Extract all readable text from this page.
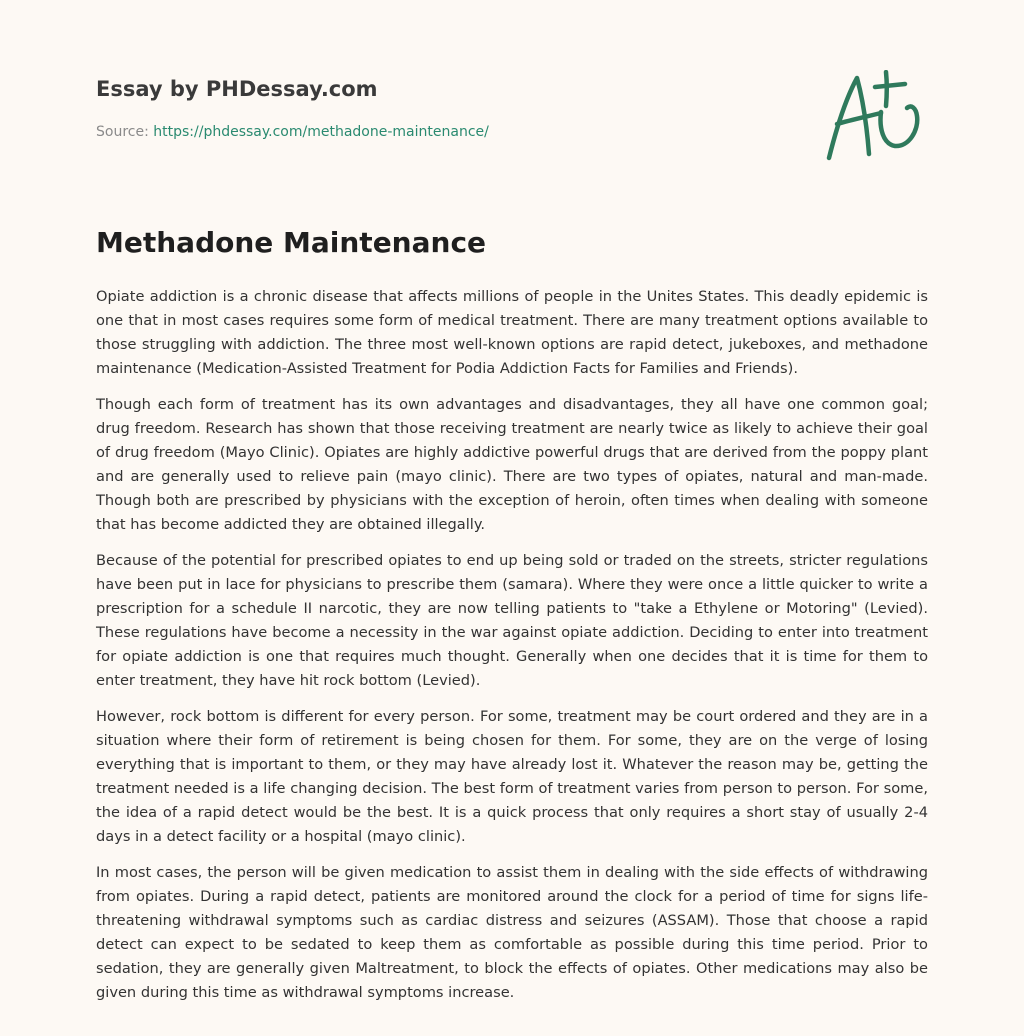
Essay by PHDessay.com
Source: https://phdessay.com/methadone-maintenance/
Methadone Maintenance

Opiate addiction is a chronic disease that affects millions of people in the Unites States. This deadly epidemic is one that in most cases requires some form of medical treatment. There are many treatment options available to those struggling with addiction. The three most well-known options are rapid detect, jukeboxes, and methadone maintenance (Medication-Assisted Treatment for Podia Addiction Facts for Families and Friends).

Though each form of treatment has its own advantages and disadvantages, they all have one common goal; drug freedom. Research has shown that those receiving treatment are nearly twice as likely to achieve their goal of drug freedom (Mayo Clinic). Opiates are highly addictive powerful drugs that are derived from the poppy plant and are generally used to relieve pain (mayo clinic). There are two types of opiates, natural and man-made. Though both are prescribed by physicians with the exception of heroin, often times when dealing with someone that has become addicted they are obtained illegally.

Because of the potential for prescribed opiates to end up being sold or traded on the streets, stricter regulations have been put in lace for physicians to prescribe them (samara). Where they were once a little quicker to write a prescription for a schedule II narcotic, they are now telling patients to "take a Ethylene or Motoring" (Levied). These regulations have become a necessity in the war against opiate addiction. Deciding to enter into treatment for opiate addiction is one that requires much thought. Generally when one decides that it is time for them to enter treatment, they have hit rock bottom (Levied).

However, rock bottom is different for every person. For some, treatment may be court ordered and they are in a situation where their form of retirement is being chosen for them. For some, they are on the verge of losing everything that is important to them, or they may have already lost it. Whatever the reason may be, getting the treatment needed is a life changing decision. The best form of treatment varies from person to person. For some, the idea of a rapid detect would be the best. It is a quick process that only requires a short stay of usually 2-4 days in a detect facility or a hospital (mayo clinic).

In most cases, the person will be given medication to assist them in dealing with the side effects of withdrawing from opiates. During a rapid detect, patients are monitored around the clock for a period of time for signs life-threatening withdrawal symptoms such as cardiac distress and seizures (ASSAM). Those that choose a rapid detect can expect to be sedated to keep them as comfortable as possible during this time period. Prior to sedation, they are generally given Maltreatment, to block the effects of opiates. Other medications may also be given during this time as withdrawal symptoms increase.
